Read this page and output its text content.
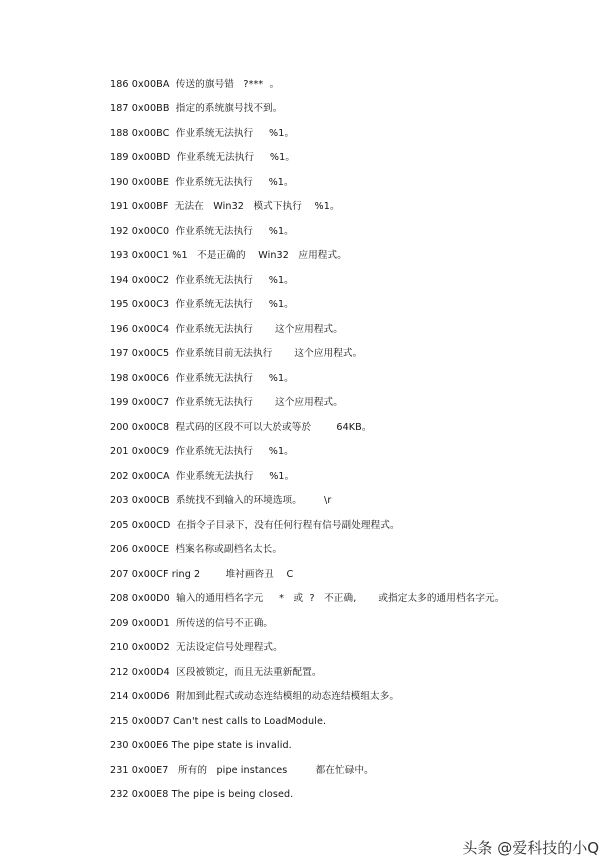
186 0x00BA  传送的旗号错   ?***  。
187 0x00BB  指定的系统旗号找不到。
188 0x00BC  作业系统无法执行     %1。
189 0x00BD  作业系统无法执行     %1。
190 0x00BE  作业系统无法执行     %1。
191 0x00BF  无法在   Win32   模式下执行    %1。
192 0x00C0  作业系统无法执行     %1。
193 0x00C1 %1   不是正确的    Win32   应用程式。
194 0x00C2  作业系统无法执行     %1。
195 0x00C3  作业系统无法执行     %1。
196 0x00C4  作业系统无法执行       这个应用程式。
197 0x00C5  作业系统目前无法执行       这个应用程式。
198 0x00C6  作业系统无法执行     %1。
199 0x00C7  作业系统无法执行       这个应用程式。
200 0x00C8  程式码的区段不可以大於或等於        64KB。
201 0x00C9  作业系统无法执行     %1。
202 0x00CA  作业系统无法执行     %1。
203 0x00CB  系统找不到输入的环境选项。       \r
205 0x00CD  在指令子目录下，没有任何行程有信号副处理程式。
206 0x00CE  档案名称或副档名太长。
207 0x00CF ring 2        堆衬画咨丑    C
208 0x00D0  输入的通用档名字元     *   或  ?   不正确,       或指定太多的通用档名字元。
209 0x00D1  所传送的信号不正确。
210 0x00D2  无法设定信号处理程式。
212 0x00D4  区段被锁定，而且无法重新配置。
214 0x00D6  附加到此程式或动态连结模组的动态连结模组太多。
215 0x00D7 Can't nest calls to LoadModule.
230 0x00E6 The pipe state is invalid.
231 0x00E7   所有的   pipe instances         都在忙碌中。
232 0x00E8 The pipe is being closed.
头条 @爱科技的小Q
